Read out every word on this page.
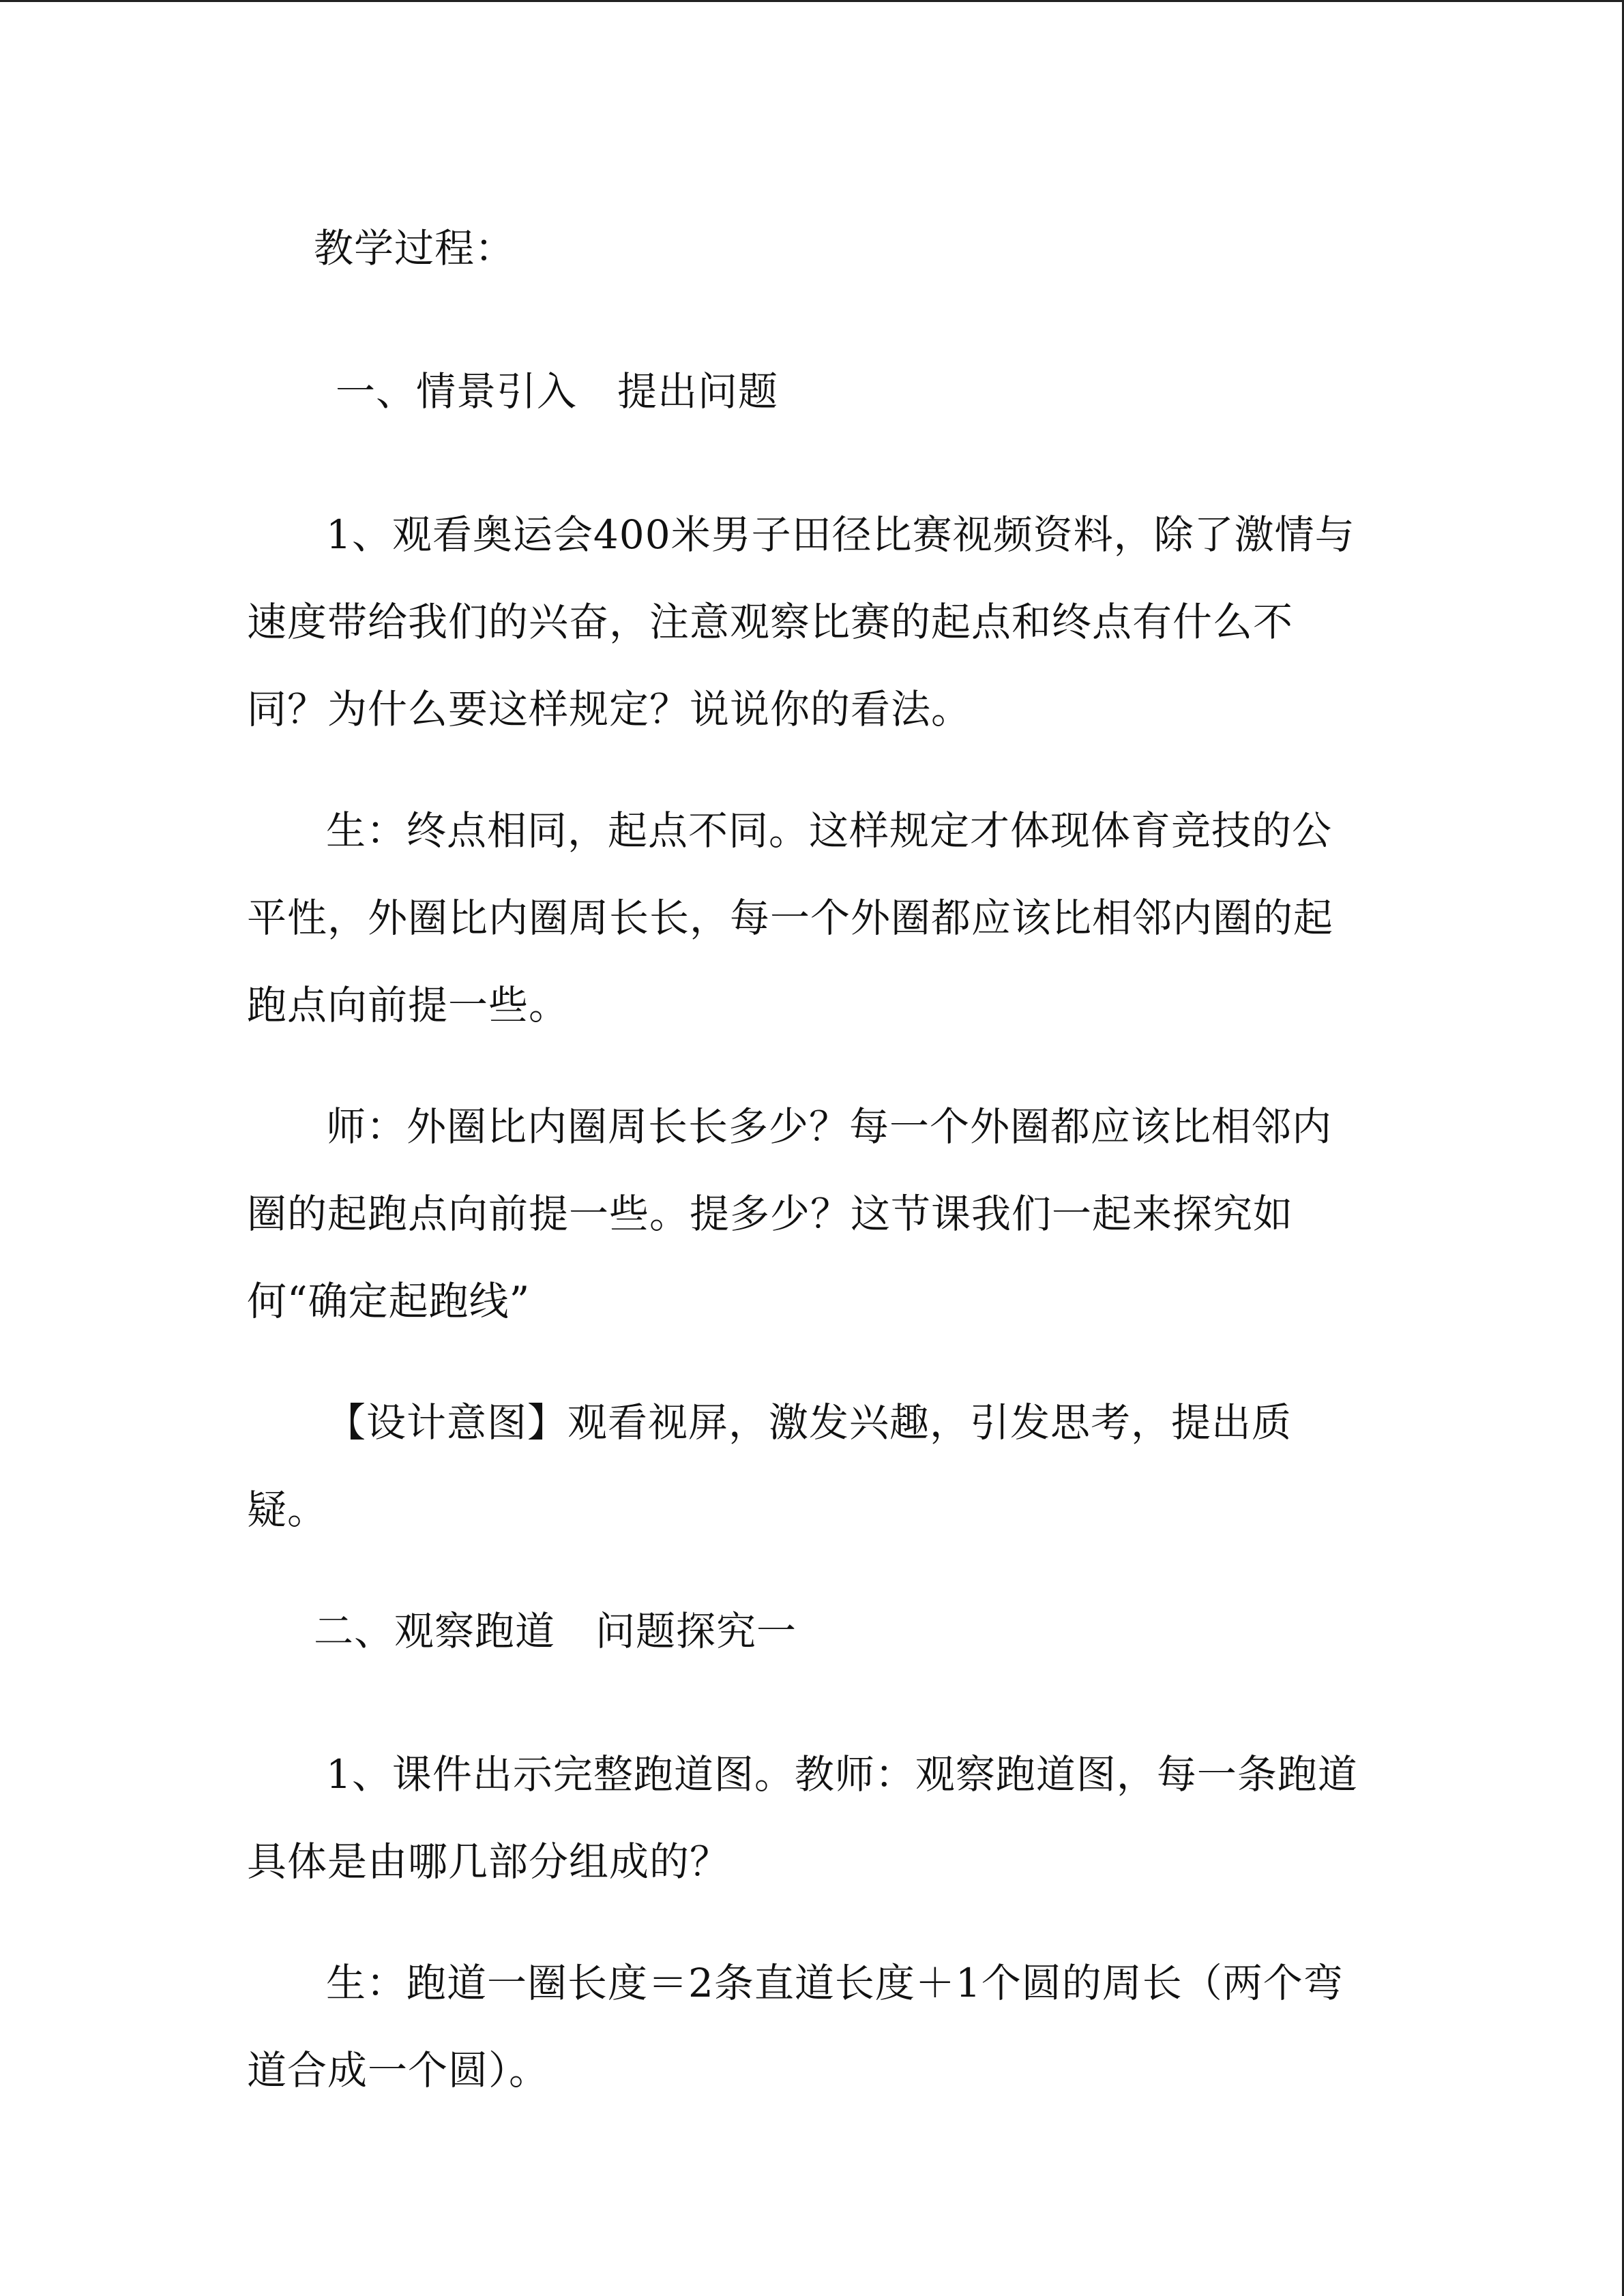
教学过程：
一、情景引入　提出问题

1、观看奥运会400米男子田径比赛视频资料，除了激情与速度带给我们的兴奋，注意观察比赛的起点和终点有什么不同？为什么要这样规定？说说你的看法。

生：终点相同，起点不同。这样规定才体现体育竞技的公平性，外圈比内圈周长长，每一个外圈都应该比相邻内圈的起跑点向前提一些。

师：外圈比内圈周长长多少？每一个外圈都应该比相邻内圈的起跑点向前提一些。提多少？这节课我们一起来探究如何“确定起跑线”

【设计意图】观看视屏，激发兴趣，引发思考，提出质疑。

二、观察跑道　问题探究一

1、课件出示完整跑道图。教师：观察跑道图，每一条跑道具体是由哪几部分组成的？

生：跑道一圈长度＝2条直道长度＋1个圆的周长（两个弯道合成一个圆）。
